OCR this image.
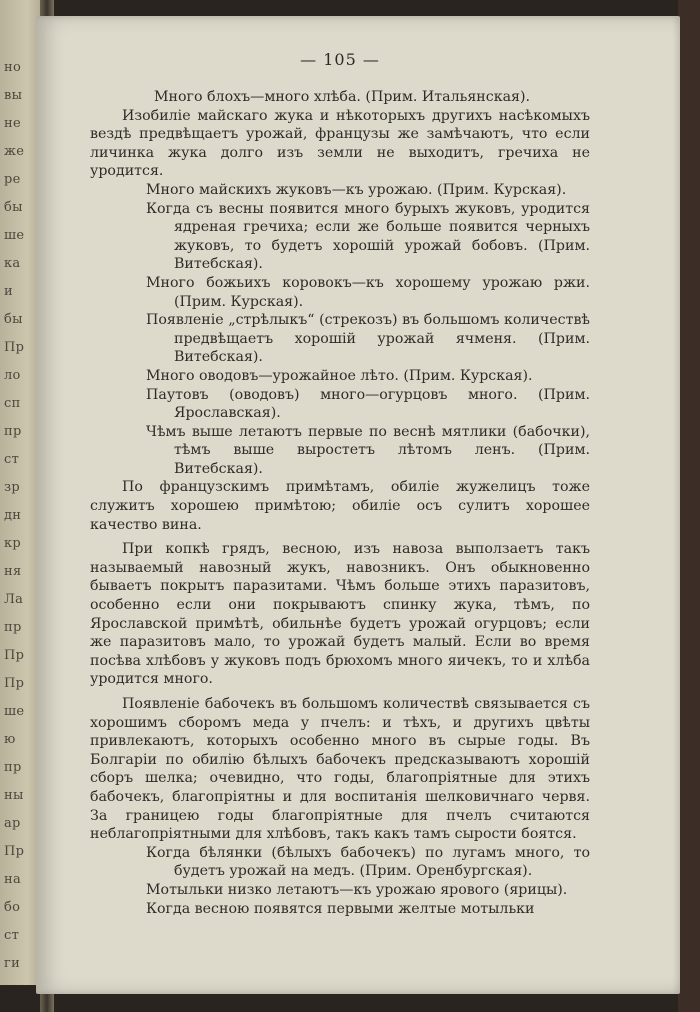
но
вы
не
же
ре
бы
ше
ка
и
бы
Пр
ло
сп
пр
ст
зр
дн
кр
ня
Ла
пр
Пр
Пр
ше
ю
пр
ны
ар
Пр
на
бо
ст
ги
— 105 —

Много блохъ—много хлѣба. (Прим. Итальянская).

Изобиліе майскаго жука и нѣкоторыхъ другихъ насѣкомыхъ вездѣ предвѣщаетъ урожай, французы же замѣчаютъ, что если личинка жука долго изъ земли не выходитъ, гречиха не уродится.

Много майскихъ жуковъ—къ урожаю. (Прим. Курская).

Когда съ весны появится много бурыхъ жуковъ, уродится ядреная гречиха; если же больше появится черныхъ жуковъ, то будетъ хорошій урожай бобовъ. (Прим. Витебская).

Много божьихъ коровокъ—къ хорошему урожаю ржи. (Прим. Курская).

Появленіе „стрѣлыкъ“ (стрекозъ) въ большомъ количествѣ предвѣщаетъ хорошій урожай ячменя. (Прим. Витебская).

Много оводовъ—урожайное лѣто. (Прим. Курская).

Паутовъ (оводовъ) много—огурцовъ много. (Прим. Ярославская).

Чѣмъ выше летаютъ первые по веснѣ мятлики (бабочки), тѣмъ выше выростетъ лѣтомъ ленъ. (Прим. Витебская).

По французскимъ примѣтамъ, обиліе жужелицъ тоже служитъ хорошею примѣтою; обиліе осъ сулитъ хорошее качество вина.

При копкѣ грядъ, весною, изъ навоза выползаетъ такъ называемый навозный жукъ, навозникъ. Онъ обыкновенно бываетъ покрытъ паразитами. Чѣмъ больше этихъ паразитовъ, особенно если они покрываютъ спинку жука, тѣмъ, по Ярославской примѣтѣ, обильнѣе будетъ урожай огурцовъ; если же паразитовъ мало, то урожай будетъ малый. Если во время посѣва хлѣбовъ у жуковъ подъ брюхомъ много яичекъ, то и хлѣба уродится много.

Появленіе бабочекъ въ большомъ количествѣ связывается съ хорошимъ сборомъ меда у пчелъ: и тѣхъ, и другихъ цвѣты привлекаютъ, которыхъ особенно много въ сырые годы. Въ Болгаріи по обилію бѣлыхъ бабочекъ предсказываютъ хорошій сборъ шелка; очевидно, что годы, благопріятные для этихъ бабочекъ, благопріятны и для воспитанія шелковичнаго червя. За границею годы благопріятные для пчелъ считаются неблагопріятными для хлѣбовъ, такъ какъ тамъ сырости боятся.

Когда бѣлянки (бѣлыхъ бабочекъ) по лугамъ много, то будетъ урожай на медъ. (Прим. Оренбургская).

Мотыльки низко летаютъ—къ урожаю ярового (ярицы).

Когда весною появятся первыми желтые мотыльки
